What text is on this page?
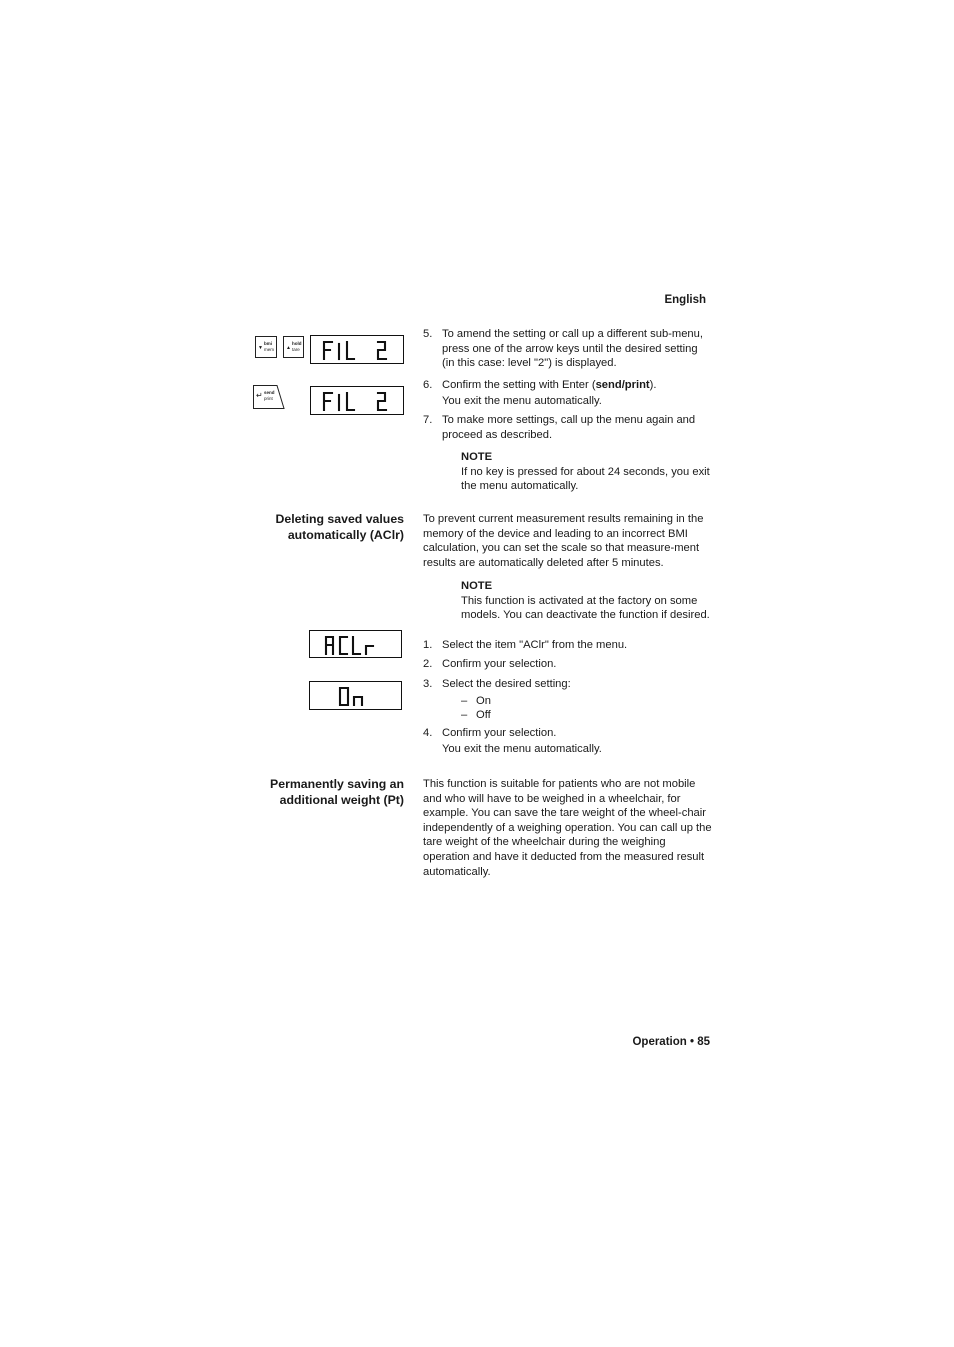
English
Operation • 85
▼
bmi
mem ▲
hold
tare
↵ send
print
5. To amend the setting or call up a different sub-menu, press one of the arrow keys until the desired setting (in this case: level "2") is displayed.
6. Confirm the setting with Enter (send/print).
You exit the menu automatically.
7. To make more settings, call up the menu again and proceed as described.
NOTE
If no key is pressed for about 24 seconds, you exit the menu automatically.
Deleting saved values
automatically (AClr)
To prevent current measurement results remaining in the memory of the device and leading to an incorrect BMI calculation, you can set the scale so that measure-ment results are automatically deleted after 5 minutes.
NOTE
This function is activated at the factory on some models. You can deactivate the function if desired.
1. Select the item "AClr" from the menu.
2. Confirm your selection.
3. Select the desired setting:
– On
– Off
4. Confirm your selection.
You exit the menu automatically.
Permanently saving an
additional weight (Pt)
This function is suitable for patients who are not mobile and who will have to be weighed in a wheelchair, for example. You can save the tare weight of the wheel-chair independently of a weighing operation. You can call up the tare weight of the wheelchair during the weighing operation and have it deducted from the measured result automatically.
